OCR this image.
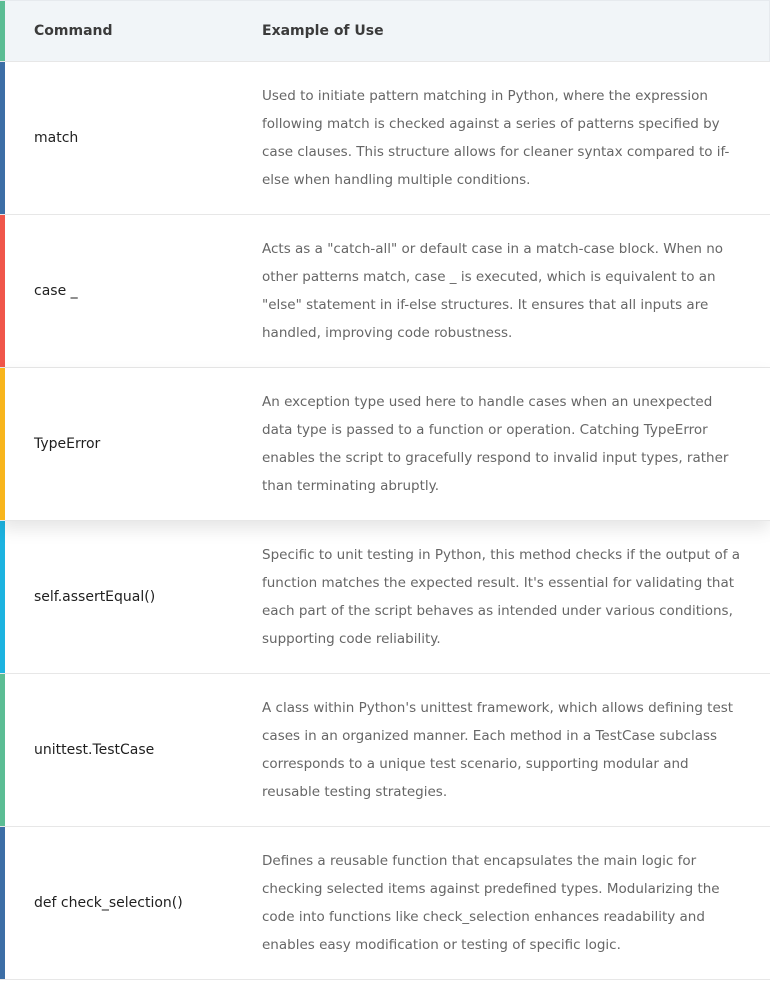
Command	Example of Use
match
Used to initiate pattern matching in Python, where the expression following match is checked against a series of patterns specified by case clauses. This structure allows for cleaner syntax compared to if-else when handling multiple conditions.
case _
Acts as a "catch-all" or default case in a match-case block. When no other patterns match, case _ is executed, which is equivalent to an "else" statement in if-else structures. It ensures that all inputs are handled, improving code robustness.
TypeError
An exception type used here to handle cases when an unexpected data type is passed to a function or operation. Catching TypeError enables the script to gracefully respond to invalid input types, rather than terminating abruptly.
self.assertEqual()
Specific to unit testing in Python, this method checks if the output of a function matches the expected result. It's essential for validating that each part of the script behaves as intended under various conditions, supporting code reliability.
unittest.TestCase
A class within Python's unittest framework, which allows defining test cases in an organized manner. Each method in a TestCase subclass corresponds to a unique test scenario, supporting modular and reusable testing strategies.
def check_selection()
Defines a reusable function that encapsulates the main logic for checking selected items against predefined types. Modularizing the code into functions like check_selection enhances readability and enables easy modification or testing of specific logic.
